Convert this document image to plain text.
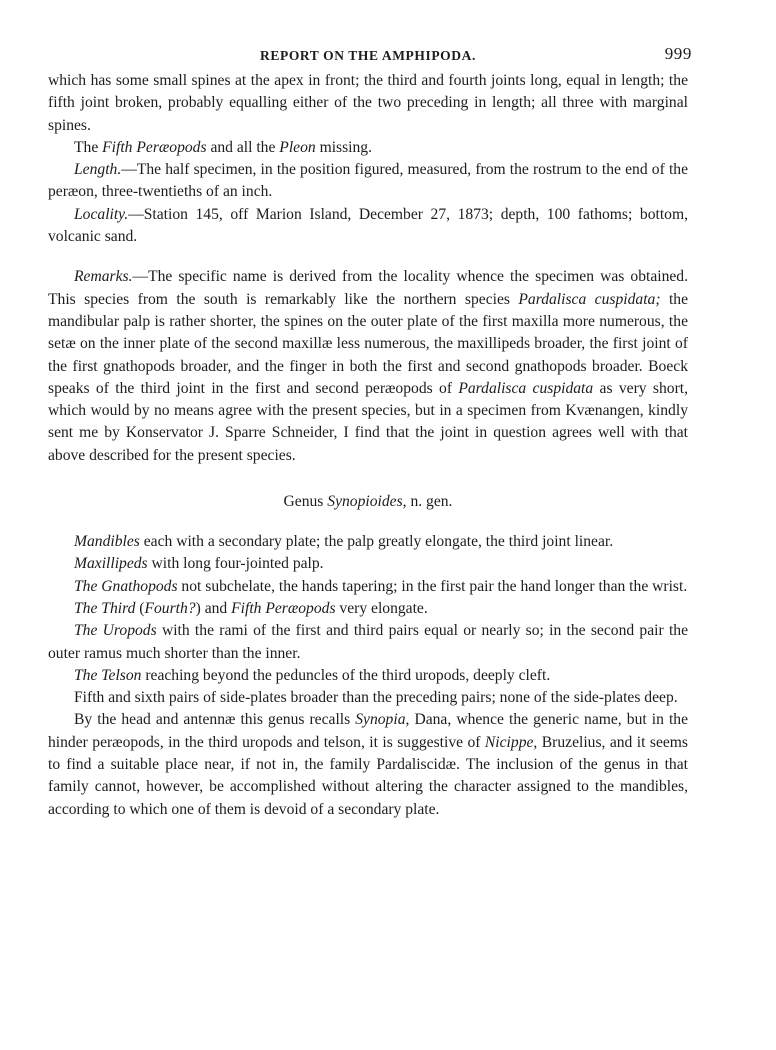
REPORT ON THE AMPHIPODA.	999

which has some small spines at the apex in front; the third and fourth joints long, equal in length; the fifth joint broken, probably equalling either of the two preceding in length; all three with marginal spines.

The Fifth Peræopods and all the Pleon missing.

Length.—The half specimen, in the position figured, measured, from the rostrum to the end of the peræon, three-twentieths of an inch.

Locality.—Station 145, off Marion Island, December 27, 1873; depth, 100 fathoms; bottom, volcanic sand.

Remarks.—The specific name is derived from the locality whence the specimen was obtained. This species from the south is remarkably like the northern species Pardalisca cuspidata; the mandibular palp is rather shorter, the spines on the outer plate of the first maxilla more numerous, the setæ on the inner plate of the second maxillæ less numerous, the maxillipeds broader, the first joint of the first gnathopods broader, and the finger in both the first and second gnathopods broader. Boeck speaks of the third joint in the first and second peræopods of Pardalisca cuspidata as very short, which would by no means agree with the present species, but in a specimen from Kvænangen, kindly sent me by Konservator J. Sparre Schneider, I find that the joint in question agrees well with that above described for the present species.

Genus Synopioides, n. gen.

Mandibles each with a secondary plate; the palp greatly elongate, the third joint linear.

Maxillipeds with long four-jointed palp.

The Gnathopods not subchelate, the hands tapering; in the first pair the hand longer than the wrist.

The Third (Fourth?) and Fifth Peræopods very elongate.

The Uropods with the rami of the first and third pairs equal or nearly so; in the second pair the outer ramus much shorter than the inner.

The Telson reaching beyond the peduncles of the third uropods, deeply cleft.

Fifth and sixth pairs of side-plates broader than the preceding pairs; none of the side-plates deep.

By the head and antennæ this genus recalls Synopia, Dana, whence the generic name, but in the hinder peræopods, in the third uropods and telson, it is suggestive of Nicippe, Bruzelius, and it seems to find a suitable place near, if not in, the family Pardaliscidæ. The inclusion of the genus in that family cannot, however, be accomplished without altering the character assigned to the mandibles, according to which one of them is devoid of a secondary plate.
